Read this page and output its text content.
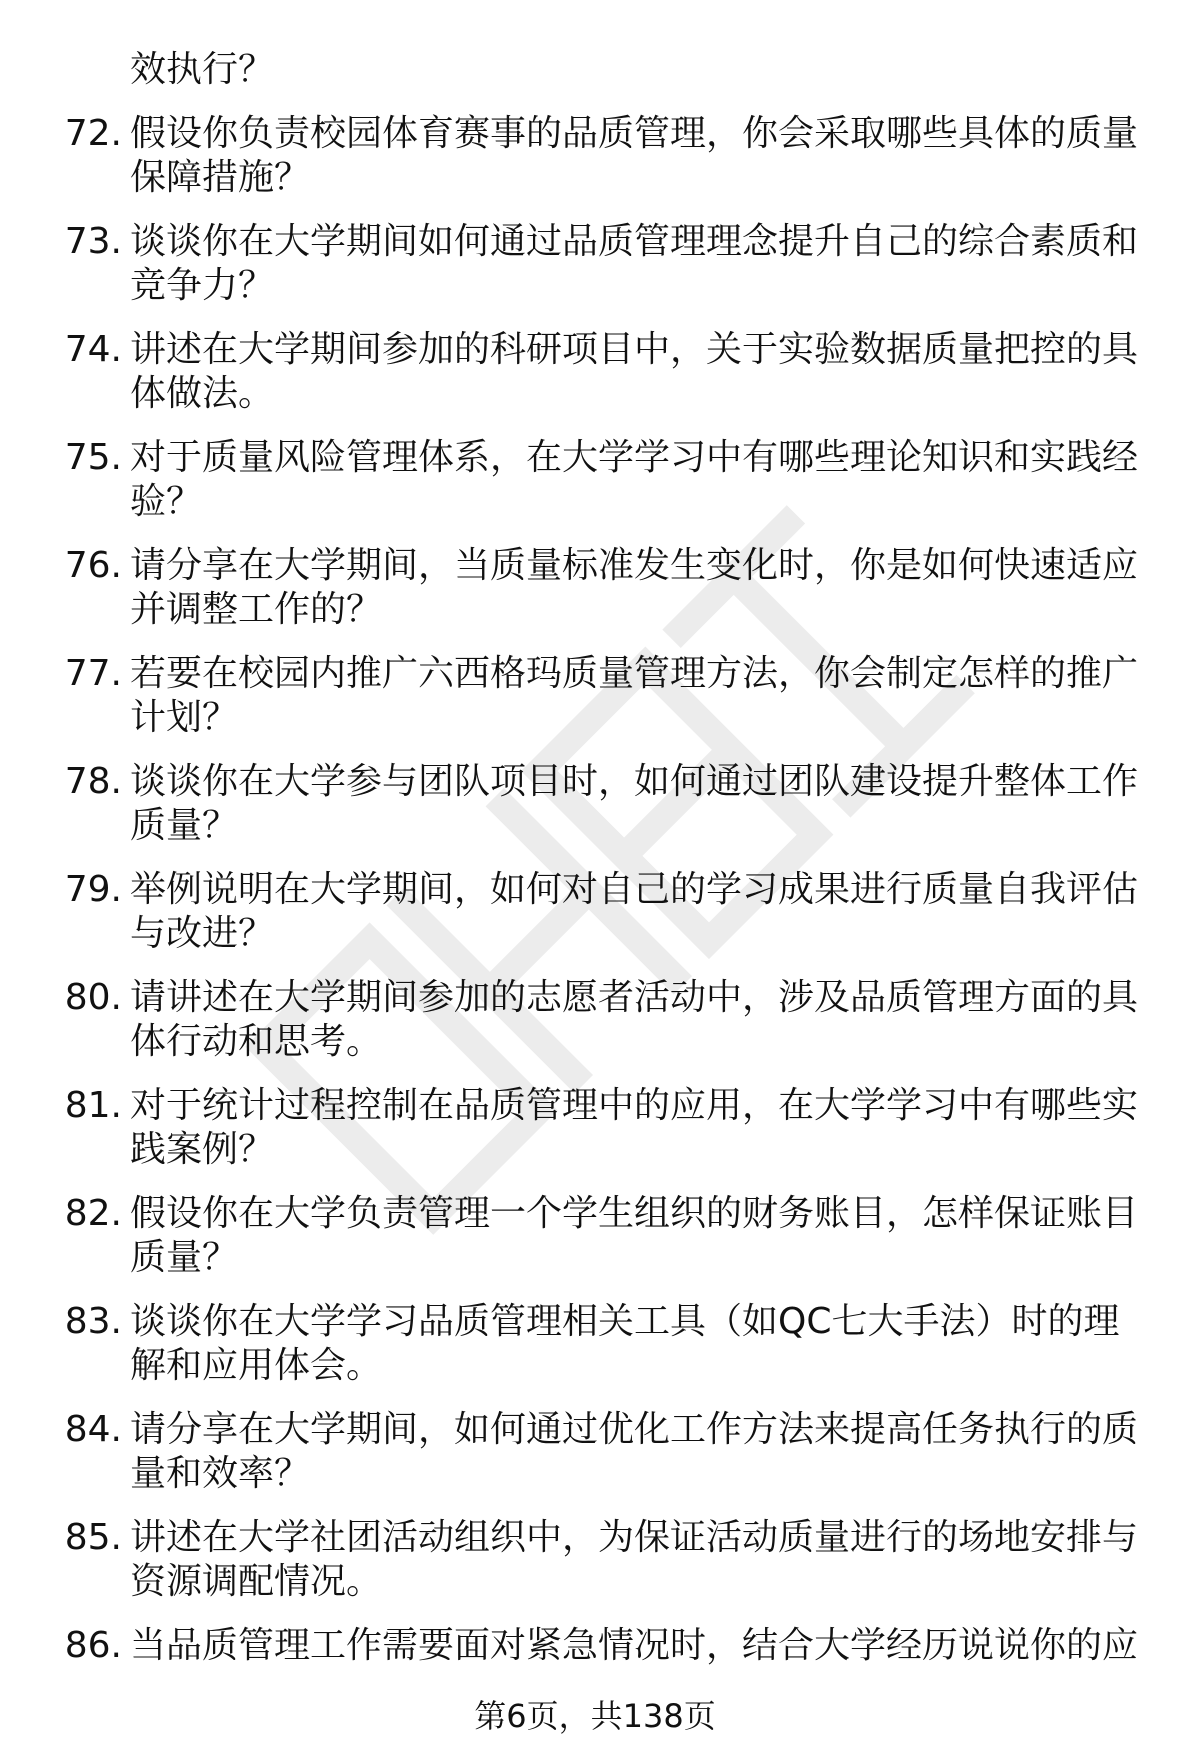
效执行？
72. 假设你负责校园体育赛事的品质管理，你会采取哪些具体的质量保障措施？
73. 谈谈你在大学期间如何通过品质管理理念提升自己的综合素质和竞争力？
74. 讲述在大学期间参加的科研项目中，关于实验数据质量把控的具体做法。
75. 对于质量风险管理体系，在大学学习中有哪些理论知识和实践经验？
76. 请分享在大学期间，当质量标准发生变化时，你是如何快速适应并调整工作的？
77. 若要在校园内推广六西格玛质量管理方法，你会制定怎样的推广计划？
78. 谈谈你在大学参与团队项目时，如何通过团队建设提升整体工作质量？
79. 举例说明在大学期间，如何对自己的学习成果进行质量自我评估与改进？
80. 请讲述在大学期间参加的志愿者活动中，涉及品质管理方面的具体行动和思考。
81. 对于统计过程控制在品质管理中的应用，在大学学习中有哪些实践案例？
82. 假设你在大学负责管理一个学生组织的财务账目，怎样保证账目质量？
83. 谈谈你在大学学习品质管理相关工具（如QC七大手法）时的理解和应用体会。
84. 请分享在大学期间，如何通过优化工作方法来提高任务执行的质量和效率？
85. 讲述在大学社团活动组织中，为保证活动质量进行的场地安排与资源调配情况。
86. 当品质管理工作需要面对紧急情况时，结合大学经历说说你的应
第6页，共138页
